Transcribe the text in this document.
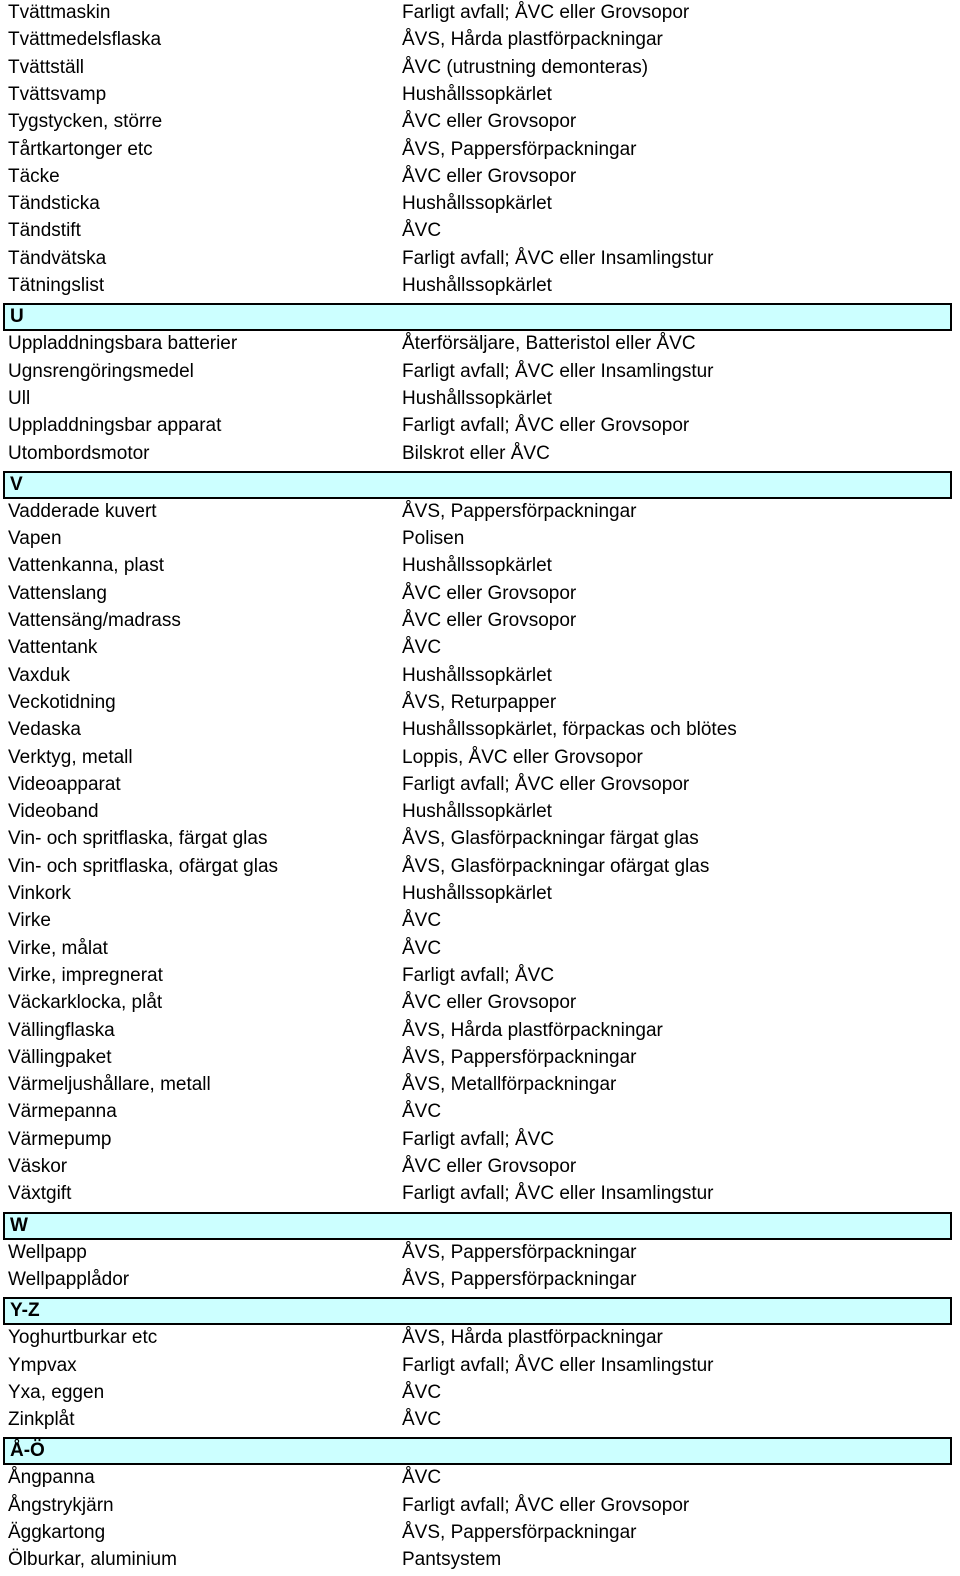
Tvättmaskin	Farligt avfall; ÅVC eller Grovsopor
Tvättmedelsflaska	ÅVS, Hårda plastförpackningar
Tvättställ	ÅVC (utrustning demonteras)
Tvättsvamp	Hushållssopkärlet
Tygstycken, större	ÅVC eller Grovsopor
Tårtkartonger etc	ÅVS, Pappersförpackningar
Täcke	ÅVC eller Grovsopor
Tändsticka	Hushållssopkärlet
Tändstift	ÅVC
Tändvätska	Farligt avfall; ÅVC eller Insamlingstur
Tätningslist	Hushållssopkärlet
U
Uppladdningsbara batterier	Återförsäljare, Batteristol eller ÅVC
Ugnsrengöringsmedel	Farligt avfall; ÅVC eller Insamlingstur
Ull	Hushållssopkärlet
Uppladdningsbar apparat	Farligt avfall; ÅVC eller Grovsopor
Utombordsmotor	Bilskrot eller ÅVC
V
Vadderade kuvert	ÅVS, Pappersförpackningar
Vapen	Polisen
Vattenkanna, plast	Hushållssopkärlet
Vattenslang	ÅVC eller Grovsopor
Vattensäng/madrass	ÅVC eller Grovsopor
Vattentank	ÅVC
Vaxduk	Hushållssopkärlet
Veckotidning	ÅVS, Returpapper
Vedaska	Hushållssopkärlet, förpackas och blötes
Verktyg, metall	Loppis, ÅVC eller Grovsopor
Videoapparat	Farligt avfall; ÅVC eller Grovsopor
Videoband	Hushållssopkärlet
Vin- och spritflaska, färgat glas	ÅVS, Glasförpackningar färgat glas
Vin- och spritflaska, ofärgat glas	ÅVS, Glasförpackningar ofärgat glas
Vinkork	Hushållssopkärlet
Virke	ÅVC
Virke, målat	ÅVC
Virke, impregnerat	Farligt avfall; ÅVC
Väckarklocka, plåt	ÅVC eller Grovsopor
Vällingflaska	ÅVS, Hårda plastförpackningar
Vällingpaket	ÅVS, Pappersförpackningar
Värmeljushållare, metall	ÅVS, Metallförpackningar
Värmepanna	ÅVC
Värmepump	Farligt avfall; ÅVC
Väskor	ÅVC eller Grovsopor
Växtgift	Farligt avfall; ÅVC eller Insamlingstur
W
Wellpapp	ÅVS, Pappersförpackningar
Wellpapplådor	ÅVS, Pappersförpackningar
Y-Z
Yoghurtburkar etc	ÅVS, Hårda plastförpackningar
Ympvax	Farligt avfall; ÅVC eller Insamlingstur
Yxa, eggen	ÅVC
Zinkplåt	ÅVC
Å-Ö
Ångpanna	ÅVC
Ångstrykjärn	Farligt avfall; ÅVC eller Grovsopor
Äggkartong	ÅVS, Pappersförpackningar
Ölburkar, aluminium	Pantsystem
